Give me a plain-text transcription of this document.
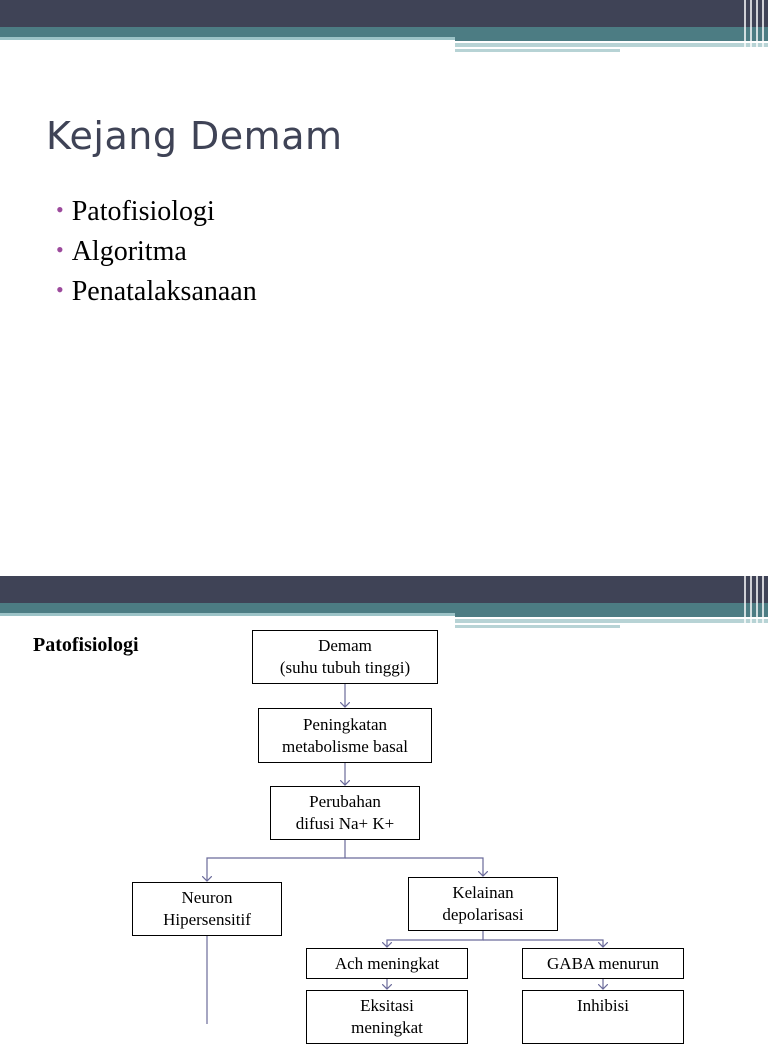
Kejang Demam
• Patofisiologi
• Algoritma
• Penatalaksanaan
Patofisiologi	Demam
(suhu tubuh tinggi)
Peningkatan
metabolisme basal
Perubahan
difusi Na+ K+
Neuron
Hipersensitif
Kelainan
depolarisasi
Ach meningkat	GABA menurun
Eksitasi
meningkat
Inhibisi
